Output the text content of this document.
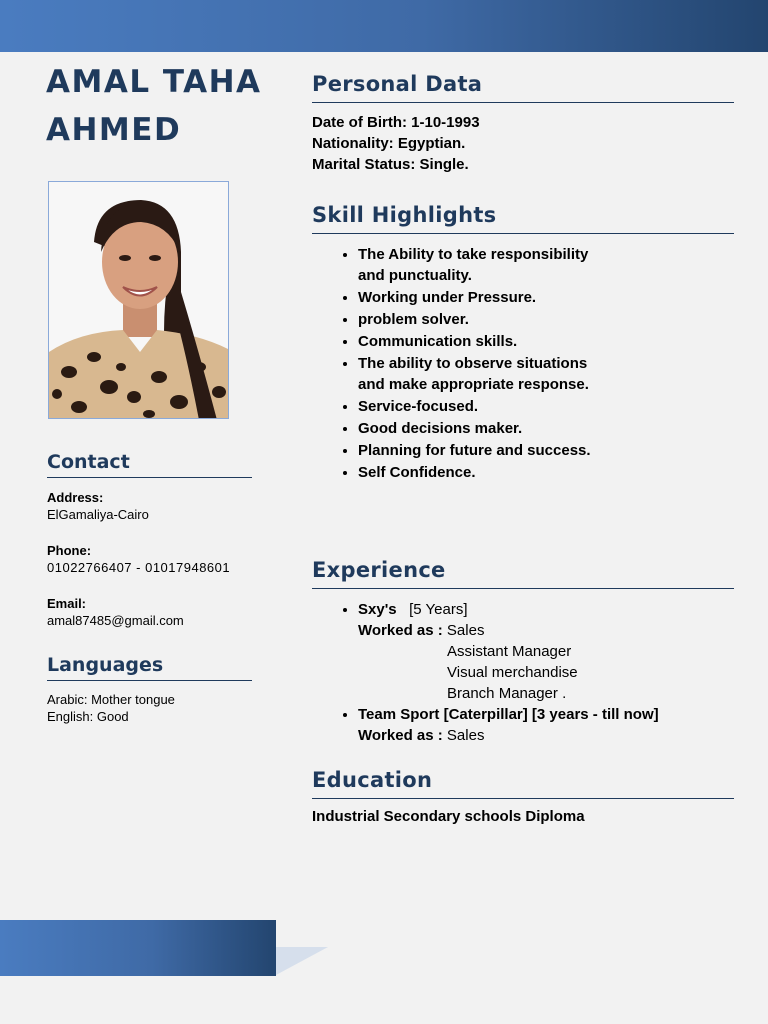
AMAL TAHA AHMED
Contact
Address:
ElGamaliya-Cairo
Phone:
01022766407 - 01017948601
Email:
amal87485@gmail.com
Languages
Arabic: Mother tongue
English: Good
Personal Data
Date of Birth: 1-10-1993
Nationality: Egyptian.
Marital Status: Single.
Skill Highlights
• The Ability to take responsibility and punctuality.
• Working under Pressure.
• problem solver.
• Communication skills.
• The ability to observe situations and make appropriate response.
• Service-focused.
• Good decisions maker.
• Planning for future and success.
• Self Confidence.
Experience
• Sxy's [5 Years]
Worked as : Sales
Assistant Manager
Visual merchandise
Branch Manager .
• Team Sport [Caterpillar] [3 years - till now]
Worked as : Sales
Education
Industrial Secondary schools Diploma
